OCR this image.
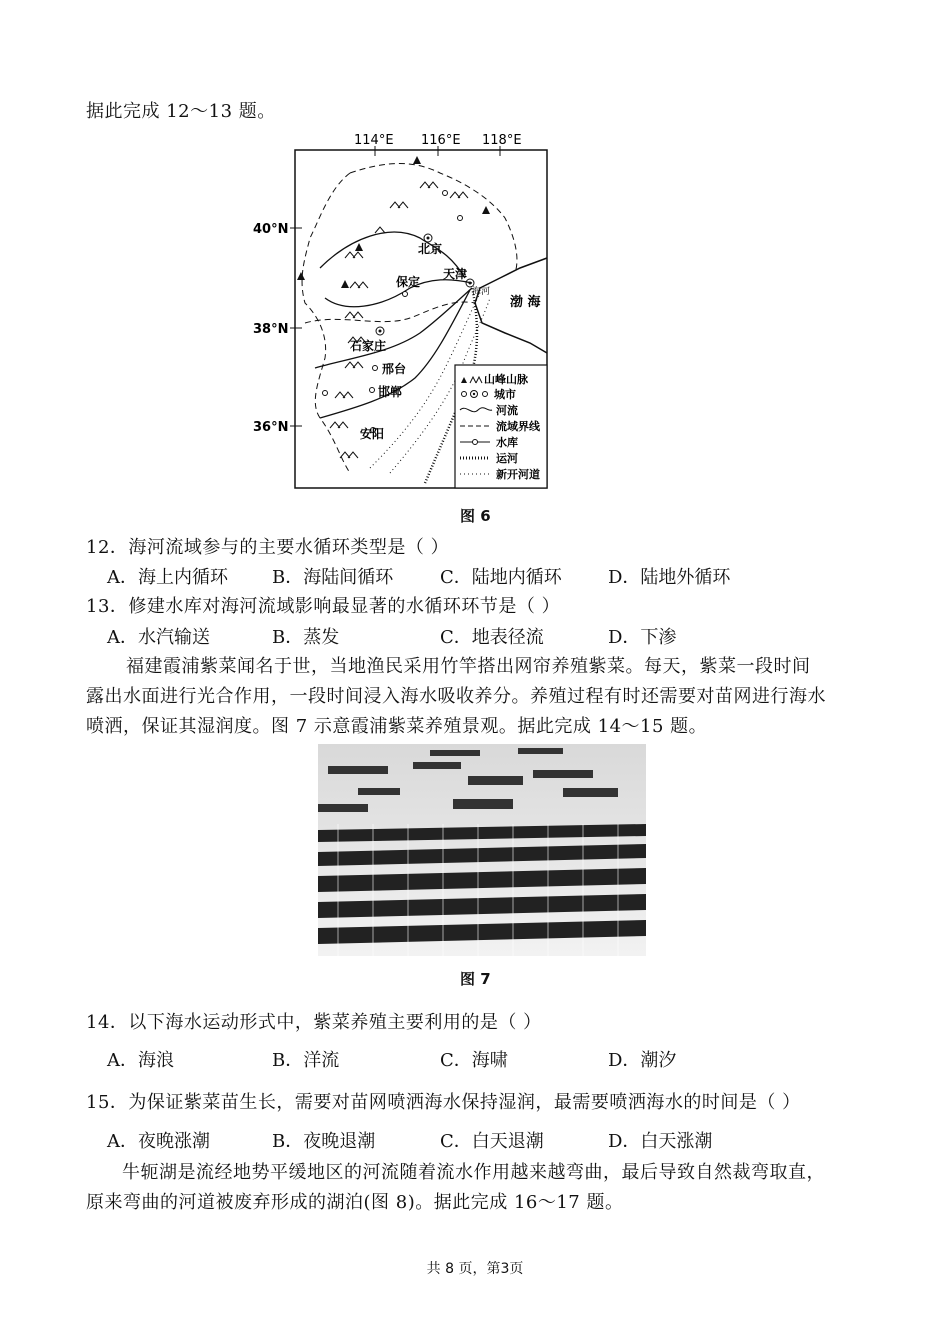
据此完成 12～13 题。
114°E 116°E 118°E
40°N
38°N
36°N
渤 海
北京
天津
海河
保定
石家庄
邢台
邯郸
安阳
山峰山脉
城市
河流
流域界线
水库
运河
新开河道
图 6
12．海河流域参与的主要水循环类型是（ ）
A．海上内循环 B．海陆间循环	C．陆地内循环	D．陆地外循环
13．修建水库对海河流域影响最显著的水循环环节是（ ）
A．水汽输送	B．蒸发	C．地表径流	D．下渗
福建霞浦紫菜闻名于世，当地渔民采用竹竿搭出网帘养殖紫菜。每天，紫菜一段时间
露出水面进行光合作用，一段时间浸入海水吸收养分。养殖过程有时还需要对苗网进行海水
喷洒，保证其湿润度。图 7 示意霞浦紫菜养殖景观。据此完成 14～15 题。
图 7
14．以下海水运动形式中，紫菜养殖主要利用的是（ ）
A．海浪	B．洋流	C．海啸	D．潮汐
15．为保证紫菜苗生长，需要对苗网喷洒海水保持湿润，最需要喷洒海水的时间是（ ）
A．夜晚涨潮	B．夜晚退潮	C．白天退潮	D．白天涨潮
牛轭湖是流经地势平缓地区的河流随着流水作用越来越弯曲，最后导致自然裁弯取直，
原来弯曲的河道被废弃形成的湖泊(图 8)。据此完成 16～17 题。
共 8 页，第3页
